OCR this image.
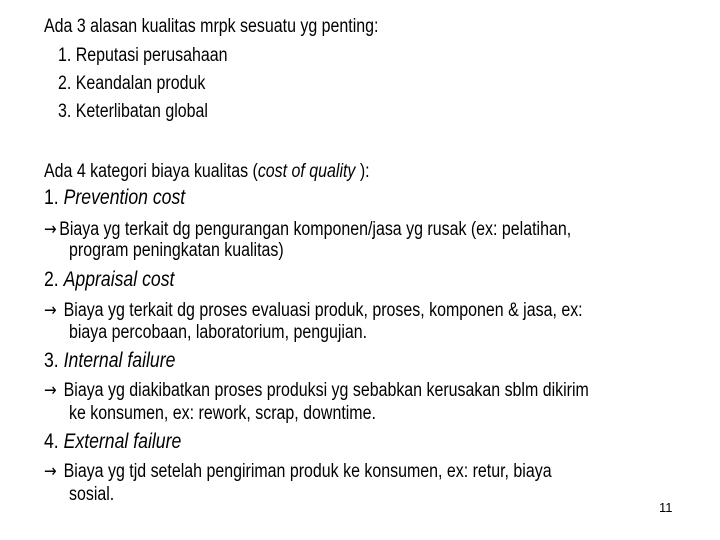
Ada 3 alasan kualitas mrpk sesuatu yg penting:
1. Reputasi perusahaan
2. Keandalan produk
3. Keterlibatan global
Ada 4 kategori biaya kualitas (cost of quality ):
1. Prevention cost
→ Biaya yg terkait dg pengurangan komponen/jasa yg rusak (ex: pelatihan,
program peningkatan kualitas)
2. Appraisal cost
→ Biaya yg terkait dg proses evaluasi produk, proses, komponen & jasa, ex:
biaya percobaan, laboratorium, pengujian.
3. Internal failure
→ Biaya yg diakibatkan proses produksi yg sebabkan kerusakan sblm dikirim
ke konsumen, ex: rework, scrap, downtime.
4. External failure
→ Biaya yg tjd setelah pengiriman produk ke konsumen, ex: retur, biaya
sosial.
11
